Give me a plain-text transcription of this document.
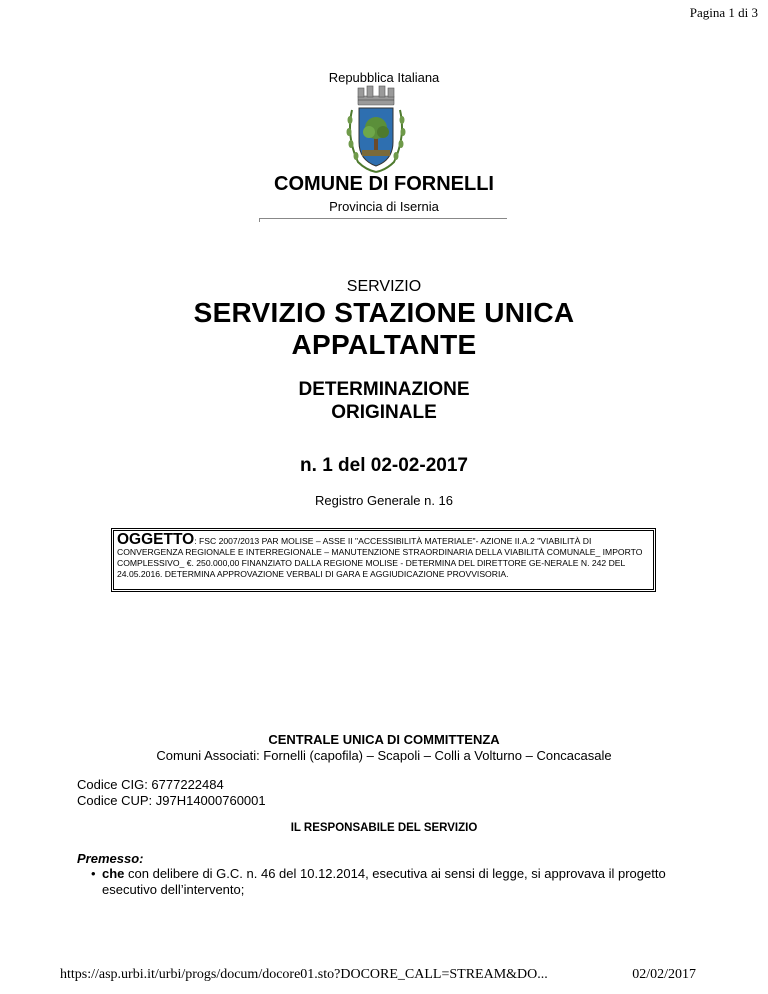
Pagina 1 di 3
Repubblica Italiana
COMUNE DI FORNELLI
Provincia di Isernia
SERVIZIO
SERVIZIO STAZIONE UNICA
APPALTANTE
DETERMINAZIONE
ORIGINALE
n. 1 del 02-02-2017
Registro Generale n. 16
OGGETTO: FSC 2007/2013 PAR MOLISE – ASSE II "ACCESSIBILITÀ MATERIALE"- AZIONE II.A.2 "VIABILITÀ DI CONVERGENZA REGIONALE E INTERREGIONALE – MANUTENZIONE STRAORDINARIA DELLA VIABILITÀ COMUNALE_ IMPORTO COMPLESSIVO_ €. 250.000,00 FINANZIATO DALLA REGIONE MOLISE - DETERMINA DEL DIRETTORE GE-NERALE N. 242 DEL 24.05.2016. DETERMINA APPROVAZIONE VERBALI DI GARA E AGGIUDICAZIONE PROVVISORIA.
CENTRALE UNICA DI COMMITTENZA
Comuni Associati: Fornelli (capofila) – Scapoli – Colli a Volturno – Concacasale
Codice CIG: 6777222484
Codice CUP: J97H14000760001
IL RESPONSABILE DEL SERVIZIO
Premesso:
• che con delibere di G.C. n. 46 del 10.12.2014, esecutiva ai sensi di legge, si approvava il progetto esecutivo dell’intervento;
https://asp.urbi.it/urbi/progs/docum/docore01.sto?DOCORE_CALL=STREAM&DO...	02/02/2017
